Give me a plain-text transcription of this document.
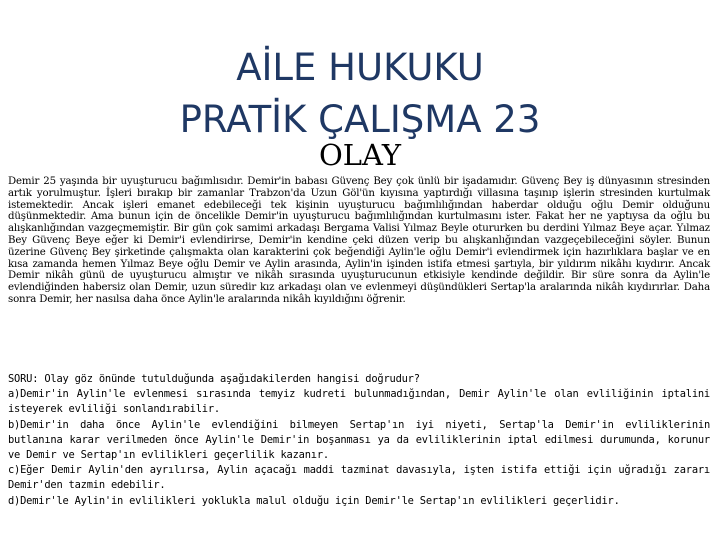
AİLE HUKUKU
PRATİK ÇALIŞMA 23
OLAY
Demir 25 yaşında bir uyuşturucu bağımlısıdır. Demir'in babası Güvenç Bey çok ünlü bir işadamıdır. Güvenç Bey iş dünyasının stresinden artık yorulmuştur. İşleri bırakıp bir zamanlar Trabzon'da Uzun Göl'ün kıyısına yaptırdığı villasına taşınıp işlerin stresinden kurtulmak istemektedir. Ancak işleri emanet edebileceği tek kişinin uyuşturucu bağımlılığından haberdar olduğu oğlu Demir olduğunu düşünmektedir. Ama bunun için de öncelikle Demir'in uyuşturucu bağımlılığından kurtulmasını ister. Fakat her ne yaptıysa da oğlu bu alışkanlığından vazgeçmemiştir. Bir gün çok samimi arkadaşı Bergama Valisi Yılmaz Beyle otururken bu derdini Yılmaz Beye açar. Yılmaz Bey Güvenç Beye eğer ki Demir'i evlendirirse, Demir'in kendine çeki düzen verip bu alışkanlığından vazgeçebileceğini söyler. Bunun üzerine Güvenç Bey şirketinde çalışmakta olan karakterini çok beğendiği Aylin'le oğlu Demir'i evlendirmek için hazırlıklara başlar ve en kısa zamanda hemen Yılmaz Beye oğlu Demir ve Aylin arasında, Aylin'in işinden istifa etmesi şartıyla, bir yıldırım nikâhı kıydırır. Ancak Demir nikâh günü de uyuşturucu almıştır ve nikâh sırasında uyuşturucunun etkisiyle kendinde değildir. Bir süre sonra da Aylin'le evlendiğinden habersiz olan Demir, uzun süredir kız arkadaşı olan ve evlenmeyi düşündükleri Sertap'la aralarında nikâh kıydırırlar. Daha sonra Demir, her nasılsa daha önce Aylin'le aralarında nikâh kıyıldığını öğrenir.

SORU: Olay göz önünde tutulduğunda aşağıdakilerden hangisi doğrudur?

a)Demir'in Aylin'le evlenmesi sırasında temyiz kudreti bulunmadığından, Demir Aylin'le olan evliliğinin iptalini isteyerek evliliği sonlandırabilir.

b)Demir'in daha önce Aylin'le evlendiğini bilmeyen Sertap'ın iyi niyeti, Sertap'la Demir'in evliliklerinin butlanına karar verilmeden önce Aylin'le Demir'in boşanması ya da evliliklerinin iptal edilmesi durumunda, korunur ve Demir ve Sertap'ın evlilikleri geçerlilik kazanır.

c)Eğer Demir Aylin'den ayrılırsa, Aylin açacağı maddi tazminat davasıyla, işten istifa ettiği için uğradığı zararı Demir'den tazmin edebilir.

d)Demir'le Aylin'in evlilikleri yokluklа malul olduğu için Demir'le Sertap'ın evlilikleri geçerlidir.
